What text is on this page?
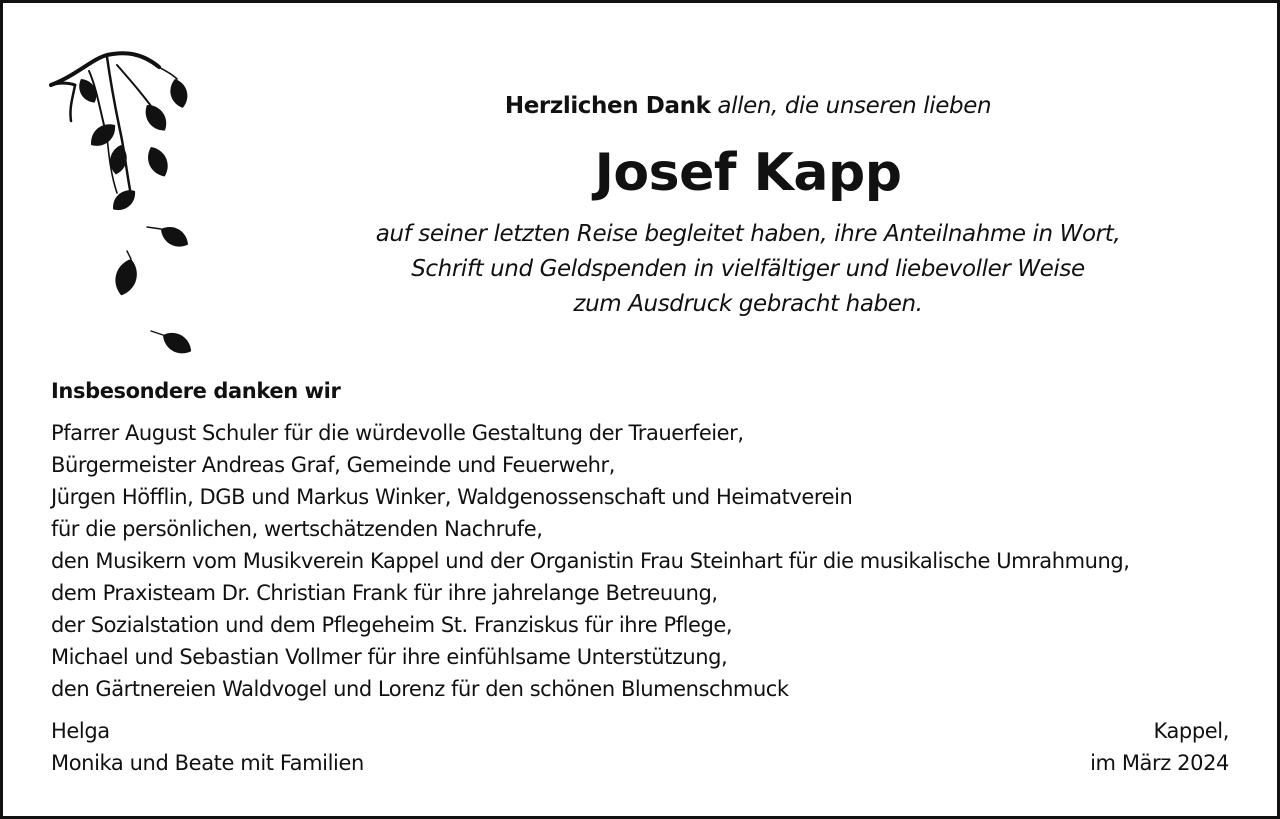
Herzlichen Dank allen, die unseren lieben
Josef Kapp
auf seiner letzten Reise begleitet haben, ihre Anteilnahme in Wort,
Schrift und Geldspenden in vielfältiger und liebevoller Weise
zum Ausdruck gebracht haben.
Insbesondere danken wir
Pfarrer August Schuler für die würdevolle Gestaltung der Trauerfeier,
Bürgermeister Andreas Graf, Gemeinde und Feuerwehr,
Jürgen Höfflin, DGB und Markus Winker, Waldgenossenschaft und Heimatverein
für die persönlichen, wertschätzenden Nachrufe,
den Musikern vom Musikverein Kappel und der Organistin Frau Steinhart für die musikalische Umrahmung,
dem Praxisteam Dr. Christian Frank für ihre jahrelange Betreuung,
der Sozialstation und dem Pflegeheim St. Franziskus für ihre Pflege,
Michael und Sebastian Vollmer für ihre einfühlsame Unterstützung,
den Gärtnereien Waldvogel und Lorenz für den schönen Blumenschmuck
Helga
Monika und Beate mit Familien
Kappel,
im März 2024
